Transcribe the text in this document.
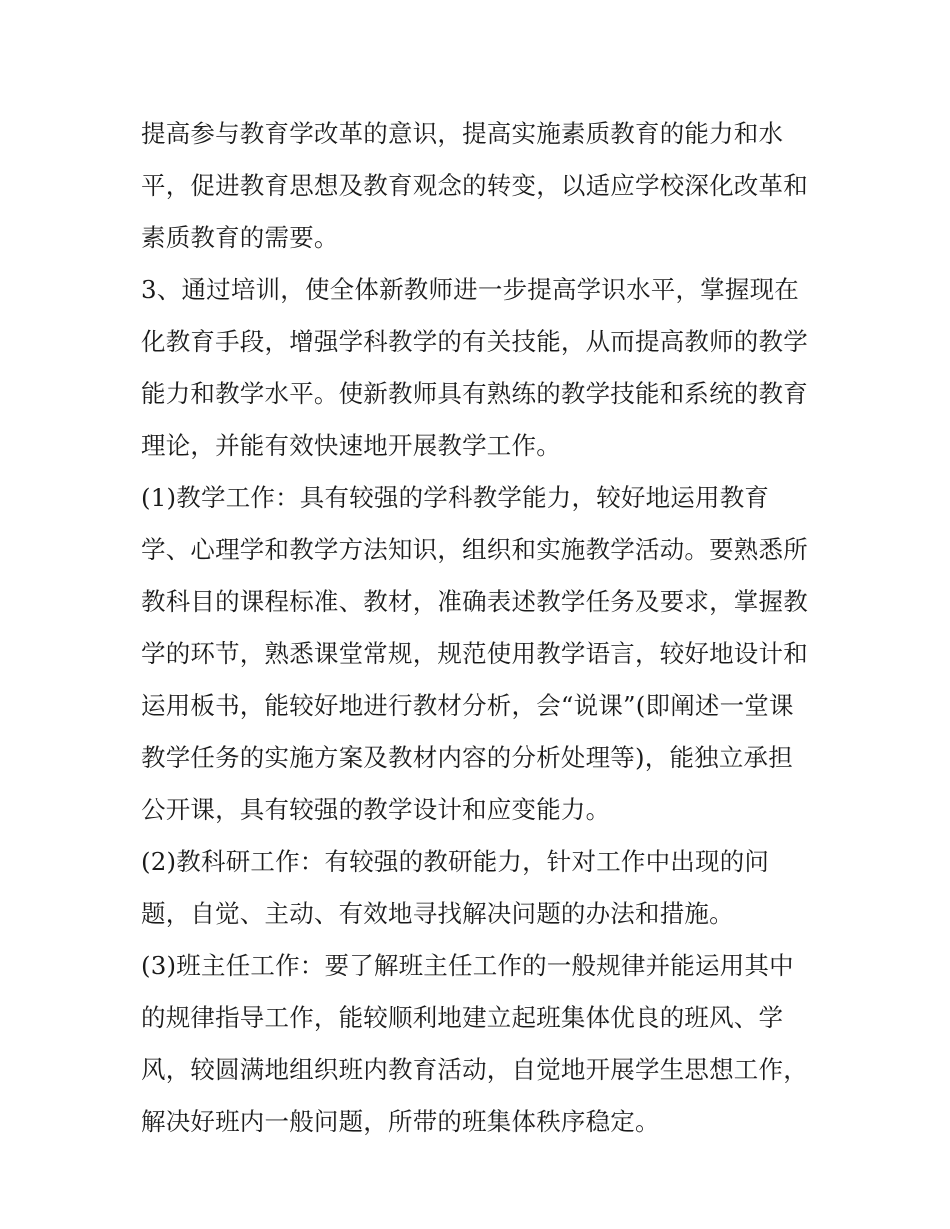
提高参与教育学改革的意识，提高实施素质教育的能力和水
平，促进教育思想及教育观念的转变，以适应学校深化改革和
素质教育的需要。
3、通过培训，使全体新教师进一步提高学识水平，掌握现在
化教育手段，增强学科教学的有关技能，从而提高教师的教学
能力和教学水平。使新教师具有熟练的教学技能和系统的教育
理论，并能有效快速地开展教学工作。
(1)教学工作：具有较强的学科教学能力，较好地运用教育
学、心理学和教学方法知识，组织和实施教学活动。要熟悉所
教科目的课程标准、教材，准确表述教学任务及要求，掌握教
学的环节，熟悉课堂常规，规范使用教学语言，较好地设计和
运用板书，能较好地进行教材分析，会“说课”(即阐述一堂课
教学任务的实施方案及教材内容的分析处理等)，能独立承担
公开课，具有较强的教学设计和应变能力。
(2)教科研工作：有较强的教研能力，针对工作中出现的问
题，自觉、主动、有效地寻找解决问题的办法和措施。
(3)班主任工作：要了解班主任工作的一般规律并能运用其中
的规律指导工作，能较顺利地建立起班集体优良的班风、学
风，较圆满地组织班内教育活动，自觉地开展学生思想工作，
解决好班内一般问题，所带的班集体秩序稳定。
